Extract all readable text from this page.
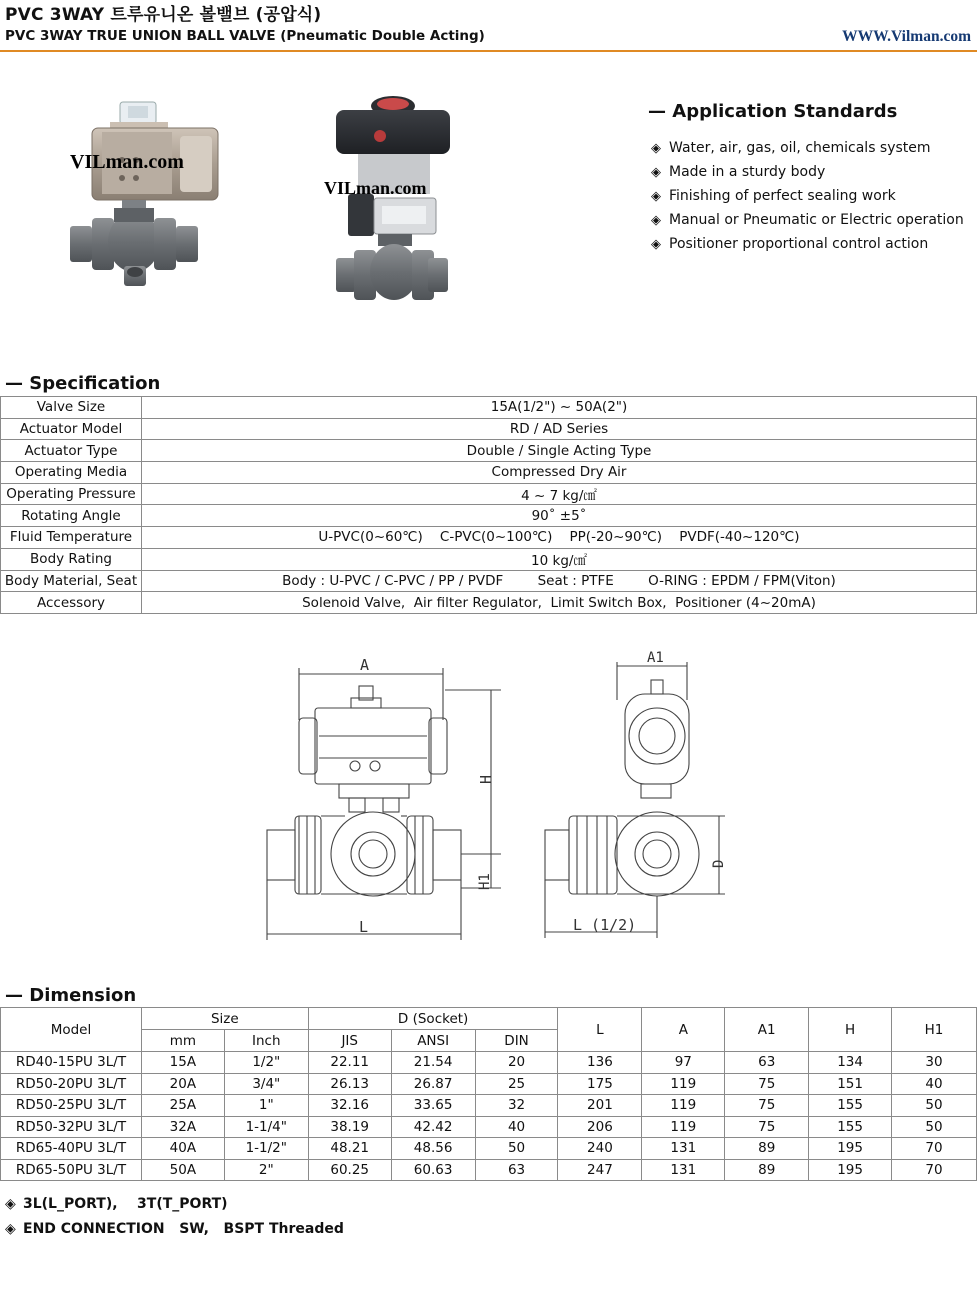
PVC 3WAY 트루유니온 볼밸브 (공압식)
PVC 3WAY TRUE UNION BALL VALVE (Pneumatic Double Acting)	WWW.Vilman.com
VILman.com
VILman.com
— Application Standards
◈ Water, air, gas, oil, chemicals system
◈ Made in a sturdy body
◈ Finishing of perfect sealing work
◈ Manual or Pneumatic or Electric operation
◈ Positioner proportional control action
— Specification
Valve Size	15A(1/2") ~ 50A(2")
Actuator Model	RD / AD Series
Actuator Type	Double / Single Acting Type
Operating Media	Compressed Dry Air
Operating Pressure	4 ~ 7 kg/㎠
Rotating Angle	90˚ ±5˚
Fluid Temperature	U-PVC(0~60℃)    C-PVC(0~100℃)    PP(-20~90℃)    PVDF(-40~120℃)
Body Rating	10 kg/㎠
Body Material, Seat	Body : U-PVC / C-PVC / PP / PVDF        Seat : PTFE        O-RING : EPDM / FPM(Viton)
Accessory	Solenoid Valve,  Air filter Regulator,  Limit Switch Box,  Positioner (4~20mA)
A
H
H1
L
A1
D
L (1/2)
— Dimension
Model	Size		D (Socket)			L	A	A1	H	H1
	mm	Inch	JIS	ANSI	DIN					
RD40-15PU 3L/T	15A	1/2"	22.11	21.54	20	136	97	63	134	30
RD50-20PU 3L/T	20A	3/4"	26.13	26.87	25	175	119	75	151	40
RD50-25PU 3L/T	25A	1"	32.16	33.65	32	201	119	75	155	50
RD50-32PU 3L/T	32A	1-1/4"	38.19	42.42	40	206	119	75	155	50
RD65-40PU 3L/T	40A	1-1/2"	48.21	48.56	50	240	131	89	195	70
RD65-50PU 3L/T	50A	2"	60.25	60.63	63	247	131	89	195	70
◈ 3L(L_PORT),    3T(T_PORT)
◈ END CONNECTION   SW,   BSPT Threaded
